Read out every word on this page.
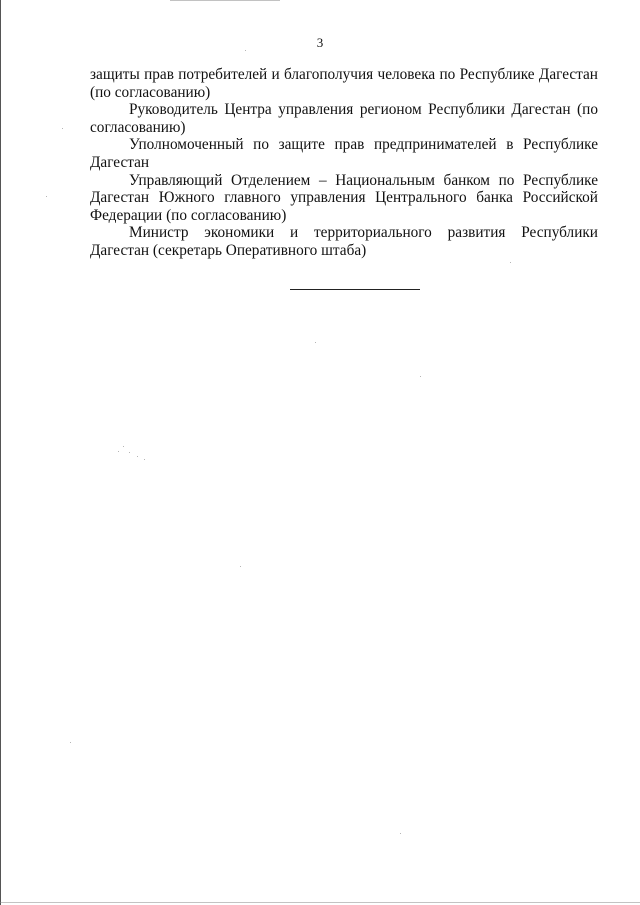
3

защиты прав потребителей и благополучия человека по Республике Дагестан (по согласованию)

Руководитель Центра управления регионом Республики Дагестан (по согласованию)

Уполномоченный по защите прав предпринимателей в Республике Дагестан

Управляющий Отделением – Национальным банком по Республике Дагестан Южного главного управления Центрального банка Российской Федерации (по согласованию)

Министр экономики и территориального развития Республики Дагестан (секретарь Оперативного штаба)
